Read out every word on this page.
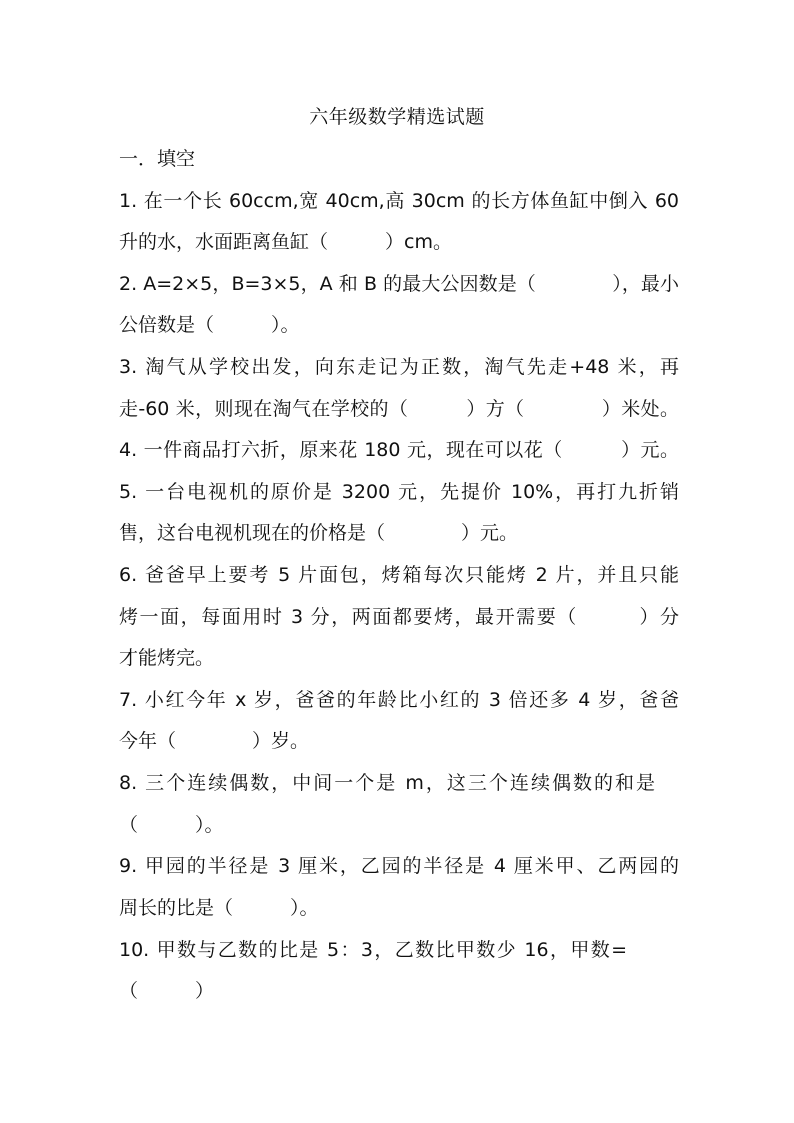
六年级数学精选试题
一．填空
1. 在一个长 60ccm,宽 40cm,高 30cm 的长方体鱼缸中倒入 60
升的水，水面距离鱼缸（　　　）cm。
2. A=2×5，B=3×5，A 和 B 的最大公因数是（　　　　），最小
公倍数是（　　　）。
3. 淘气从学校出发，向东走记为正数，淘气先走+48 米，再
走-60 米，则现在淘气在学校的（　　　）方（　　　　）米处。
4. 一件商品打六折，原来花 180 元，现在可以花（　　　）元。
5. 一台电视机的原价是 3200 元，先提价 10%，再打九折销
售，这台电视机现在的价格是（　　　　）元。
6. 爸爸早上要考 5 片面包，烤箱每次只能烤 2 片，并且只能
烤一面，每面用时 3 分，两面都要烤，最开需要（　　　）分
才能烤完。
7. 小红今年 x 岁，爸爸的年龄比小红的 3 倍还多 4 岁，爸爸
今年（　　　　）岁。
8. 三个连续偶数，中间一个是 m，这三个连续偶数的和是
（　　　）。
9. 甲园的半径是 3 厘米，乙园的半径是 4 厘米甲、乙两园的
周长的比是（　　　）。
10. 甲数与乙数的比是 5：3，乙数比甲数少 16，甲数=
（　　　）
